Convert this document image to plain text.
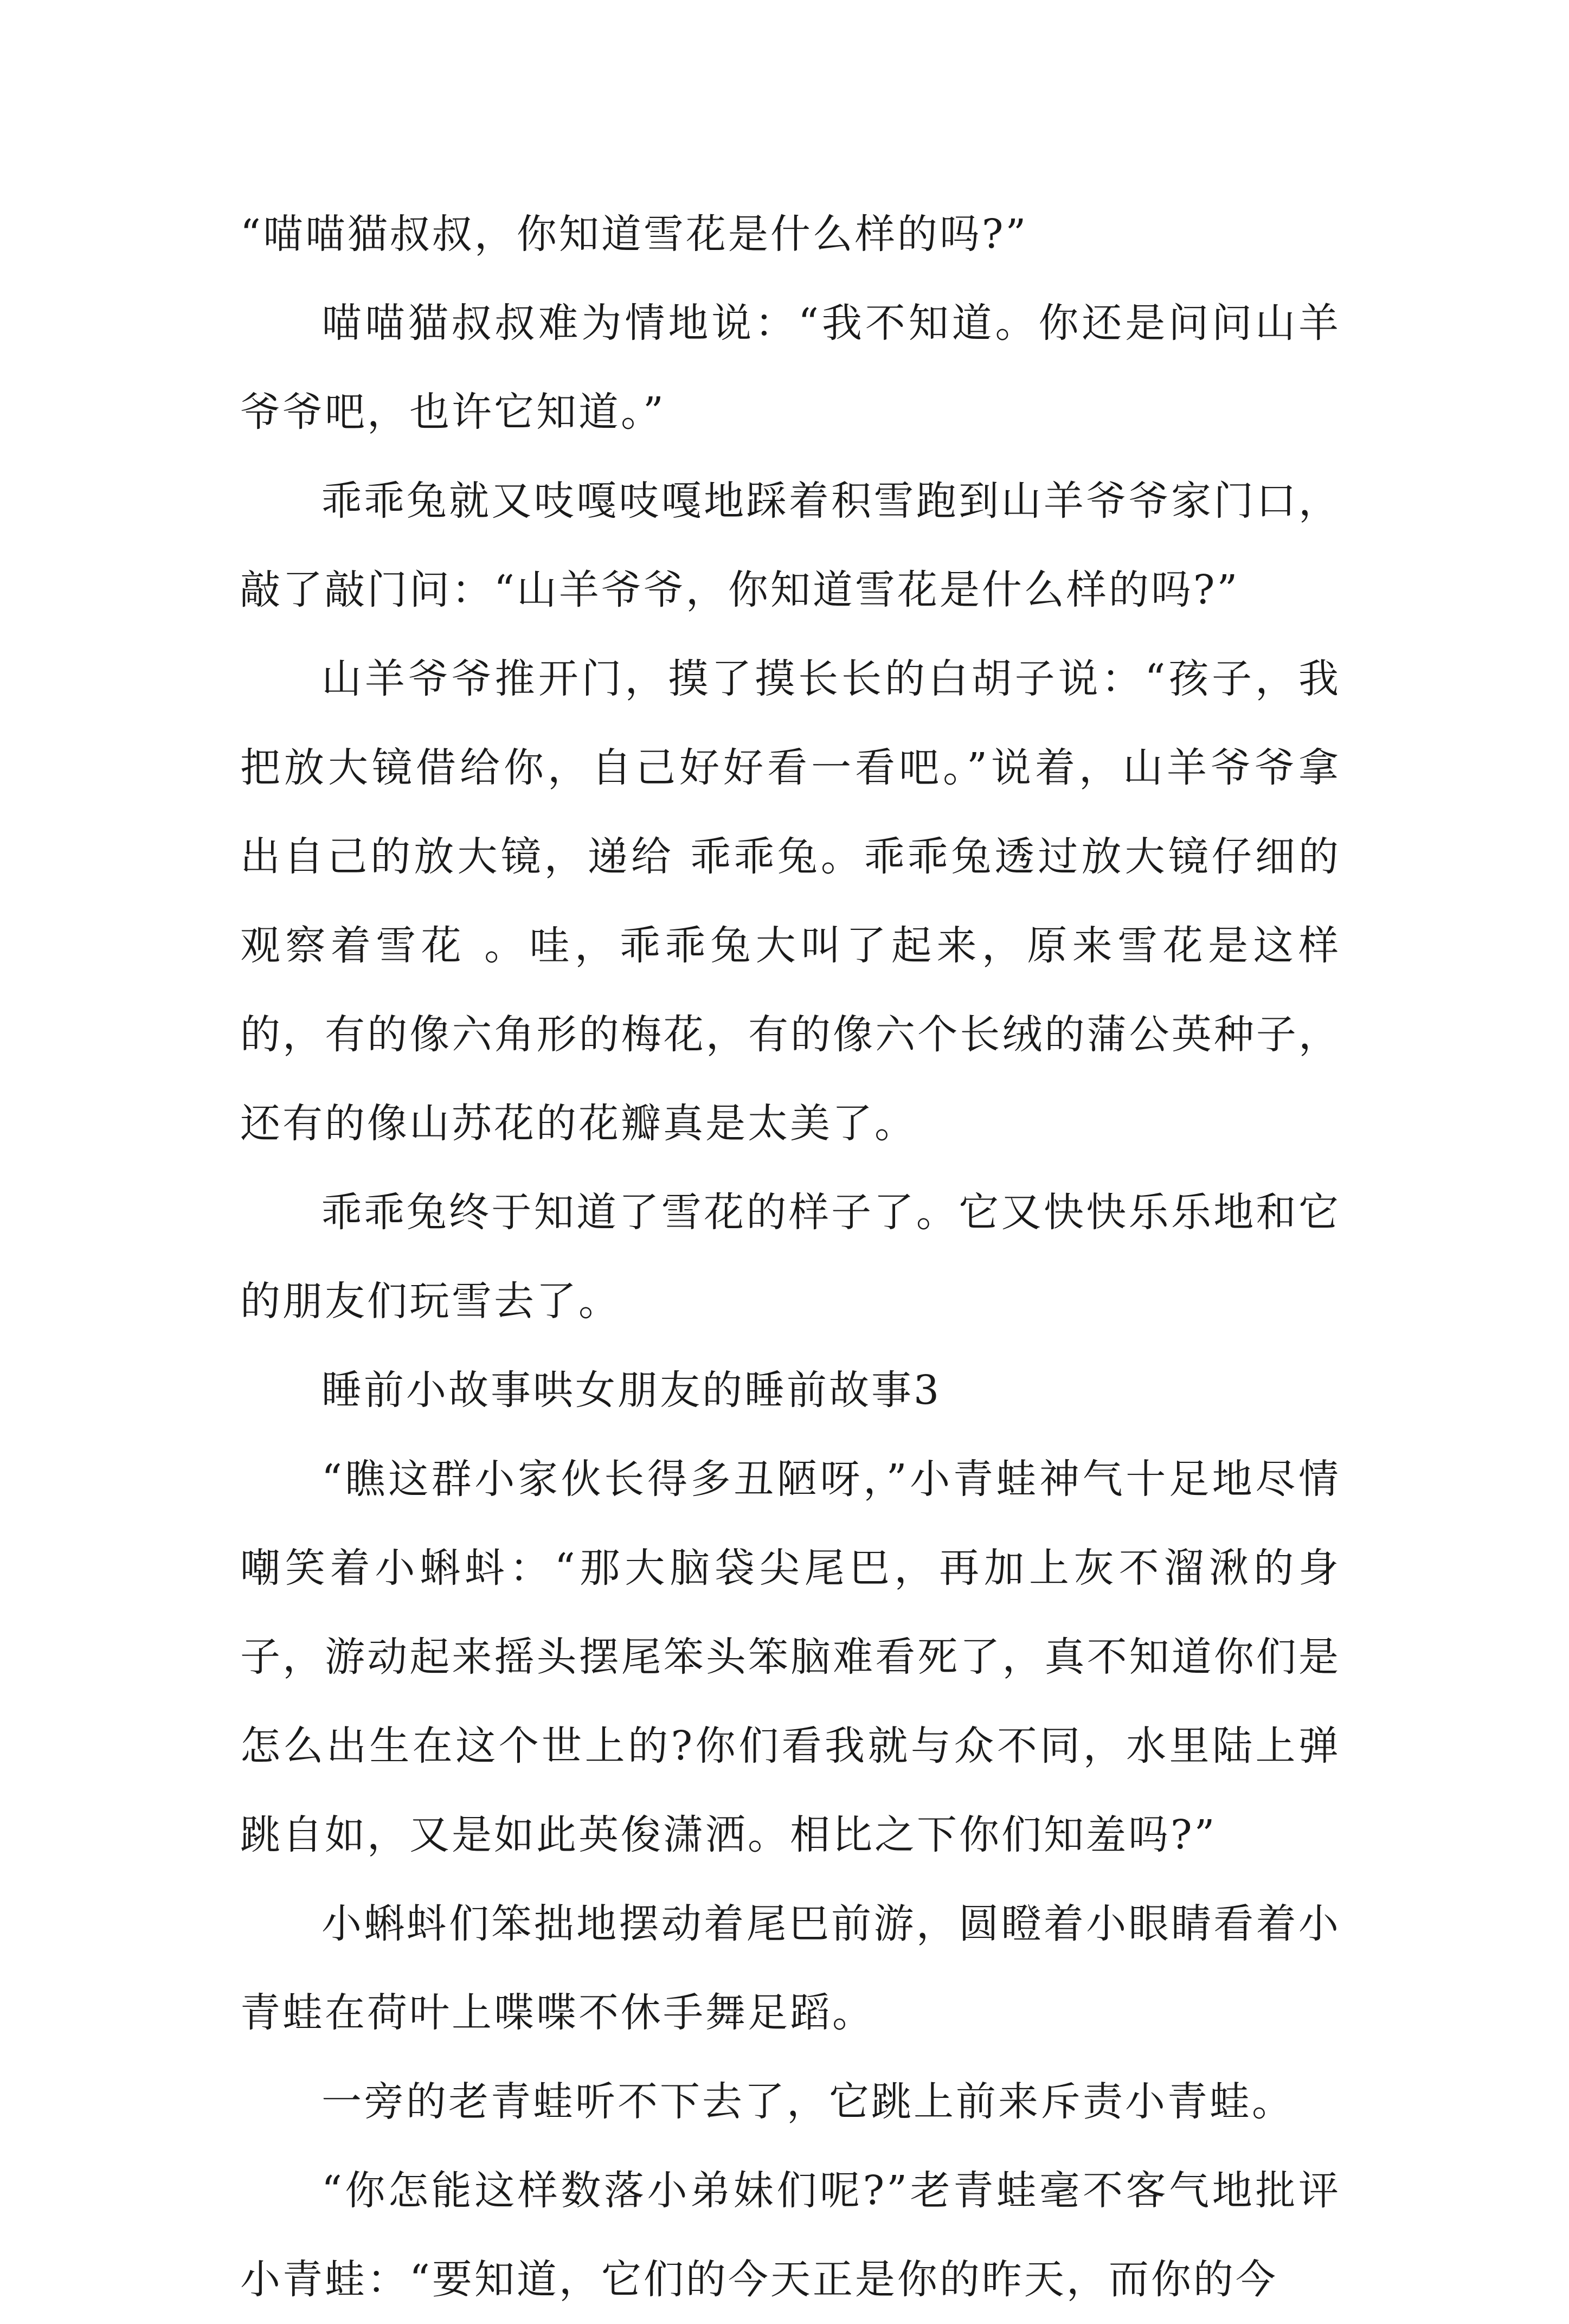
“喵喵猫叔叔，你知道雪花是什么样的吗?”

喵喵猫叔叔难为情地说：“我不知道。你还是问问山羊爷爷吧，也许它知道。”

乖乖兔就又吱嘎吱嘎地踩着积雪跑到山羊爷爷家门口，敲了敲门问：“山羊爷爷，你知道雪花是什么样的吗?”

山羊爷爷推开门，摸了摸长长的白胡子说：“孩子，我把放大镜借给你，自己好好看一看吧。”说着，山羊爷爷拿出自己的放大镜，递给 乖乖兔。乖乖兔透过放大镜仔细的观察着雪花 。哇，乖乖兔大叫了起来，原来雪花是这样的，有的像六角形的梅花，有的像六个长绒的蒲公英种子，还有的像山苏花的花瓣真是太美了。

乖乖兔终于知道了雪花的样子了。它又快快乐乐地和它的朋友们玩雪去了。

睡前小故事哄女朋友的睡前故事3

“瞧这群小家伙长得多丑陋呀，”小青蛙神气十足地尽情嘲笑着小蝌蚪：“那大脑袋尖尾巴，再加上灰不溜湫的身子，游动起来摇头摆尾笨头笨脑难看死了，真不知道你们是怎么出生在这个世上的?你们看我就与众不同，水里陆上弹跳自如，又是如此英俊潇洒。相比之下你们知羞吗?”

小蝌蚪们笨拙地摆动着尾巴前游，圆瞪着小眼睛看着小青蛙在荷叶上喋喋不休手舞足蹈。

一旁的老青蛙听不下去了，它跳上前来斥责小青蛙。

“你怎能这样数落小弟妹们呢?”老青蛙毫不客气地批评小青蛙：“要知道，它们的今天正是你的昨天，而你的今
